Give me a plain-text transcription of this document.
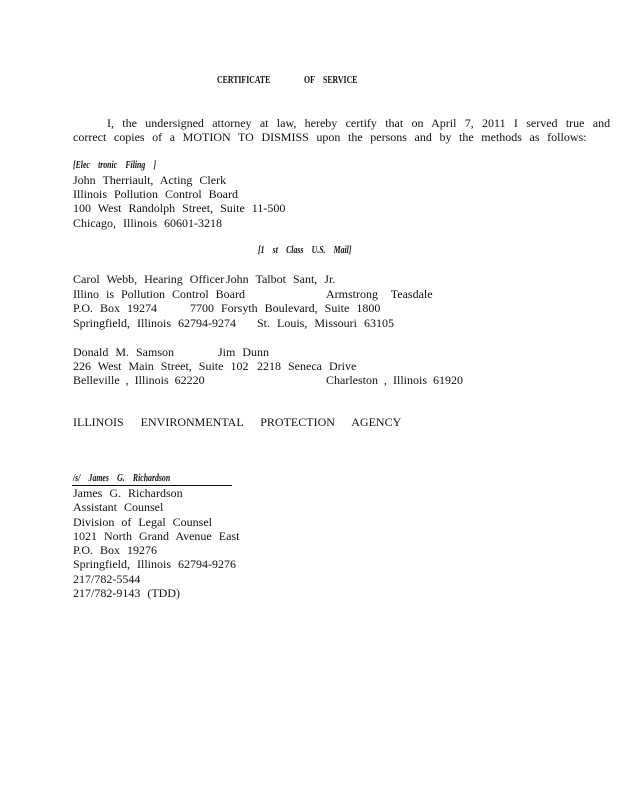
CERTIFICATE	OF SERVICE
I, the undersigned attorney at law, hereby certify that on April 7, 2011 I served true and
correct copies of a MOTION TO DISMISS upon the persons and by the methods as follows:
[Elec tronic Filing ]
John Therriault, Acting Clerk
Illinois Pollution Control Board
100 West Randolph Street, Suite 11-500
Chicago, Illinois 60601-3218
[1 st Class U.S. Mail]
Carol Webb, Hearing Officer
Illino is Pollution Control Board
P.O. Box 19274
Springfield, Illinois 62794-9274
John Talbot Sant, Jr.
Armstrong Teasdale
7700 Forsyth Boulevard, Suite 1800
St. Louis, Missouri 63105
Donald M. Samson
226 West Main Street, Suite 102
Belleville , Illinois 62220
Jim Dunn
2218 Seneca Drive
Charleston , Illinois 61920
ILLINOIS ENVIRONMENTAL PROTECTION AGENCY
/s/ James G. Richardson
James G. Richardson
Assistant Counsel
Division of Legal Counsel
1021 North Grand Avenue East
P.O. Box 19276
Springfield, Illinois 62794-9276
217/782-5544
217/782-9143 (TDD)
